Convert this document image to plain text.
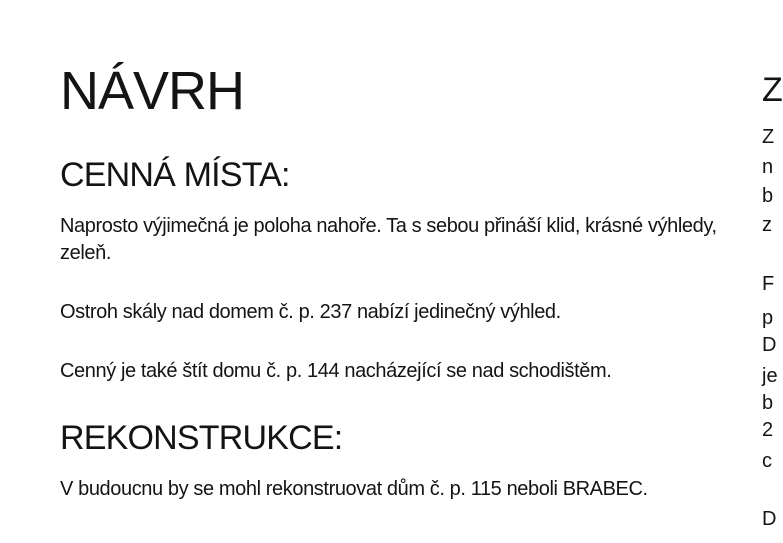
NÁVRH
CENNÁ MÍSTA:

Naprosto výjimečná je poloha nahoře. Ta s sebou přináší klid, krásné výhledy, zeleň.

Ostroh skály nad domem č. p. 237 nabízí jedinečný výhled.

Cenný je také štít domu č. p. 144 nacházející se nad schodištěm.

REKONSTRUKCE:

V budoucnu by se mohl rekonstruovat dům č. p. 115 neboli BRABEC.

Z
Z
n
b
z
F
p
D
je
b
2
c
D
